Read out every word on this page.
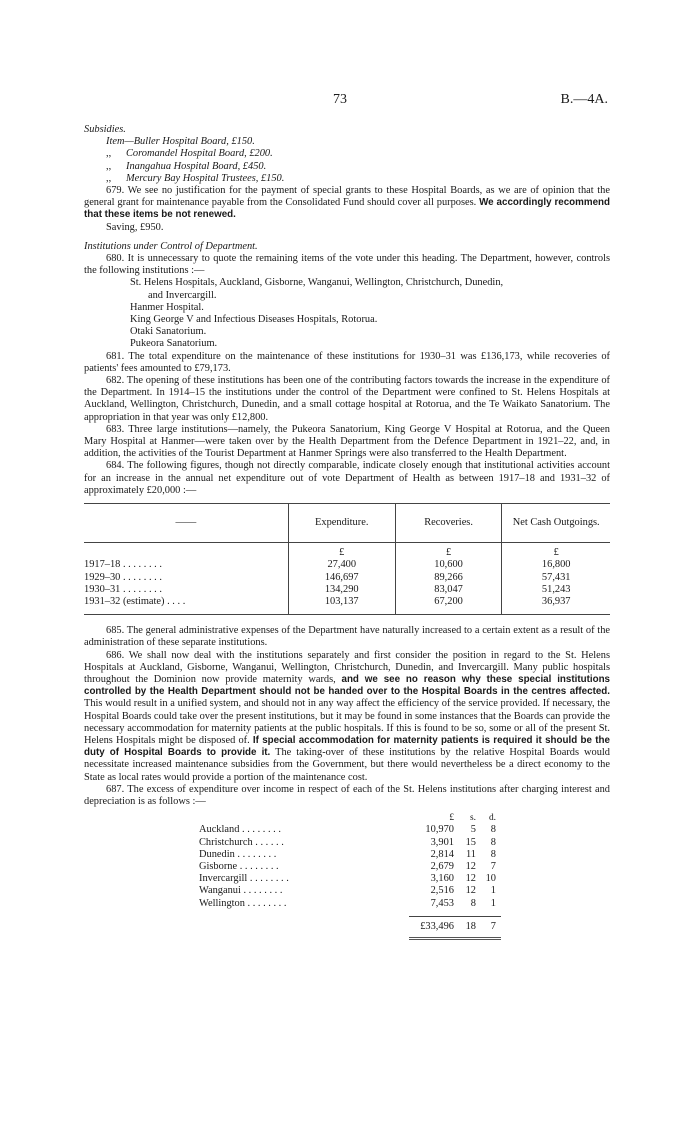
73	B.—4A.

Subsidies.

Item—Buller Hospital Board, £150.
,, Coromandel Hospital Board, £200.
,, Inangahua Hospital Board, £450.
,, Mercury Bay Hospital Trustees, £150.

679. We see no justification for the payment of special grants to these Hospital Boards, as we are of opinion that the general grant for maintenance payable from the Consolidated Fund should cover all purposes. We accordingly recommend that these items be not renewed.

Saving, £950.

Institutions under Control of Department.

680. It is unnecessary to quote the remaining items of the vote under this heading. The Department, however, controls the following institutions :—

St. Helens Hospitals, Auckland, Gisborne, Wanganui, Wellington, Christchurch, Dunedin,
and Invercargill.
Hanmer Hospital.
King George V and Infectious Diseases Hospitals, Rotorua.
Otaki Sanatorium.
Pukeora Sanatorium.

681. The total expenditure on the maintenance of these institutions for 1930–31 was £136,173, while recoveries of patients' fees amounted to £79,173.

682. The opening of these institutions has been one of the contributing factors towards the increase in the expenditure of the Department. In 1914–15 the institutions under the control of the Department were confined to St. Helens Hospitals at Auckland, Wellington, Christchurch, Dunedin, and a small cottage hospital at Rotorua, and the Te Waikato Sanatorium. The appropriation in that year was only £12,800.

683. Three large institutions—namely, the Pukeora Sanatorium, King George V Hospital at Rotorua, and the Queen Mary Hospital at Hanmer—were taken over by the Health Department from the Defence Department in 1921–22, and, in addition, the activities of the Tourist Department at Hanmer Springs were also transferred to the Health Department.

684. The following figures, though not directly comparable, indicate closely enough that institutional activities account for an increase in the annual net expenditure out of vote Department of Health as between 1917–18 and 1931–32 of approximately £20,000 :—

——	Expenditure.	Recoveries.	Net Cash Outgoings.
	£	£	£
1917–18 . . . . . . . .	27,400	10,600	16,800
1929–30 . . . . . . . .	146,697	89,266	57,431
1930–31 . . . . . . . .	134,290	83,047	51,243
1931–32 (estimate) . . . .	103,137	67,200	36,937

685. The general administrative expenses of the Department have naturally increased to a certain extent as a result of the administration of these separate institutions.

686. We shall now deal with the institutions separately and first consider the position in regard to the St. Helens Hospitals at Auckland, Gisborne, Wanganui, Wellington, Christchurch, Dunedin, and Invercargill. Many public hospitals throughout the Dominion now provide maternity wards, and we see no reason why these special institutions controlled by the Health Department should not be handed over to the Hospital Boards in the centres affected. This would result in a unified system, and should not in any way affect the efficiency of the service provided. If necessary, the Hospital Boards could take over the present institutions, but it may be found in some instances that the Boards can provide the necessary accommodation for maternity patients at the public hospitals. If this is found to be so, some or all of the present St. Helens Hospitals might be disposed of. If special accommodation for maternity patients is required it should be the duty of Hospital Boards to provide it. The taking-over of these institutions by the relative Hospital Boards would necessitate increased maintenance subsidies from the Government, but there would nevertheless be a direct economy to the State as local rates would provide a portion of the maintenance cost.

687. The excess of expenditure over income in respect of each of the St. Helens institutions after charging interest and depreciation is as follows :—

£	s.	d.
Auckland . . . . . . . .	10,970	5	8
Christchurch . . . . . .	3,901	15	8
Dunedin . . . . . . . .	2,814	11	8
Gisborne . . . . . . . .	2,679	12	7
Invercargill . . . . . . . .	3,160	12 10
Wanganui . . . . . . . .	2,516	12	1
Wellington . . . . . . . .	7,453	8	1
£33,496	18	7
